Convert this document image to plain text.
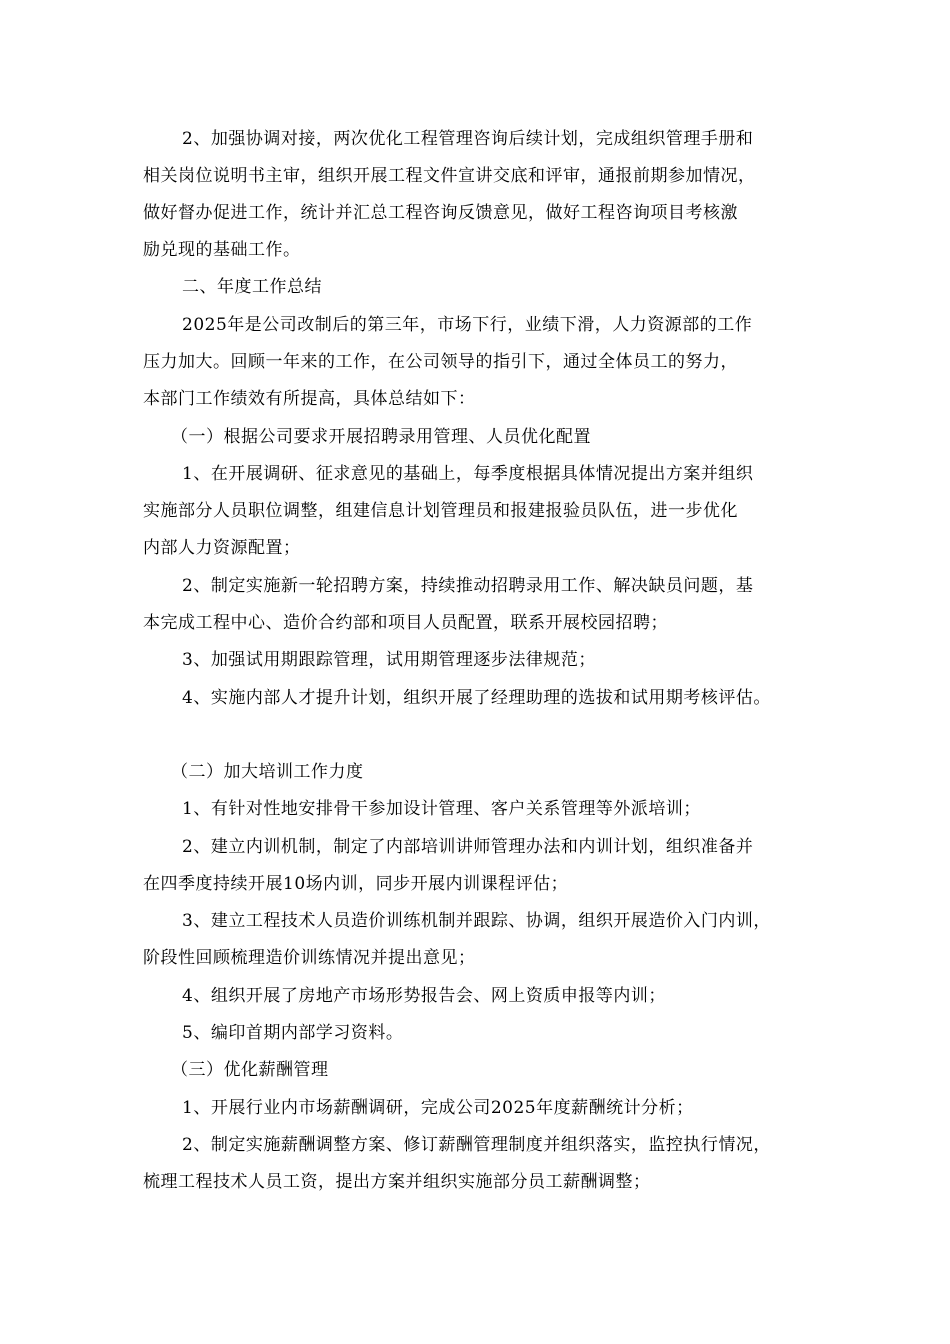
2、加强协调对接，两次优化工程管理咨询后续计划，完成组织管理手册和
相关岗位说明书主审，组织开展工程文件宣讲交底和评审，通报前期参加情况，
做好督办促进工作，统计并汇总工程咨询反馈意见，做好工程咨询项目考核激
励兑现的基础工作。
二、年度工作总结
2025年是公司改制后的第三年，市场下行，业绩下滑，人力资源部的工作
压力加大。回顾一年来的工作，在公司领导的指引下，通过全体员工的努力，
本部门工作绩效有所提高，具体总结如下：
（一）根据公司要求开展招聘录用管理、人员优化配置
1、在开展调研、征求意见的基础上，每季度根据具体情况提出方案并组织
实施部分人员职位调整，组建信息计划管理员和报建报验员队伍，进一步优化
内部人力资源配置；
2、制定实施新一轮招聘方案，持续推动招聘录用工作、解决缺员问题，基
本完成工程中心、造价合约部和项目人员配置，联系开展校园招聘；
3、加强试用期跟踪管理，试用期管理逐步法律规范；
4、实施内部人才提升计划，组织开展了经理助理的选拔和试用期考核评估。
（二）加大培训工作力度
1、有针对性地安排骨干参加设计管理、客户关系管理等外派培训；
2、建立内训机制，制定了内部培训讲师管理办法和内训计划，组织准备并
在四季度持续开展10场内训，同步开展内训课程评估；
3、建立工程技术人员造价训练机制并跟踪、协调，组织开展造价入门内训，
阶段性回顾梳理造价训练情况并提出意见；
4、组织开展了房地产市场形势报告会、网上资质申报等内训；
5、编印首期内部学习资料。
（三）优化薪酬管理
1、开展行业内市场薪酬调研，完成公司2025年度薪酬统计分析；
2、制定实施薪酬调整方案、修订薪酬管理制度并组织落实，监控执行情况，
梳理工程技术人员工资，提出方案并组织实施部分员工薪酬调整；
